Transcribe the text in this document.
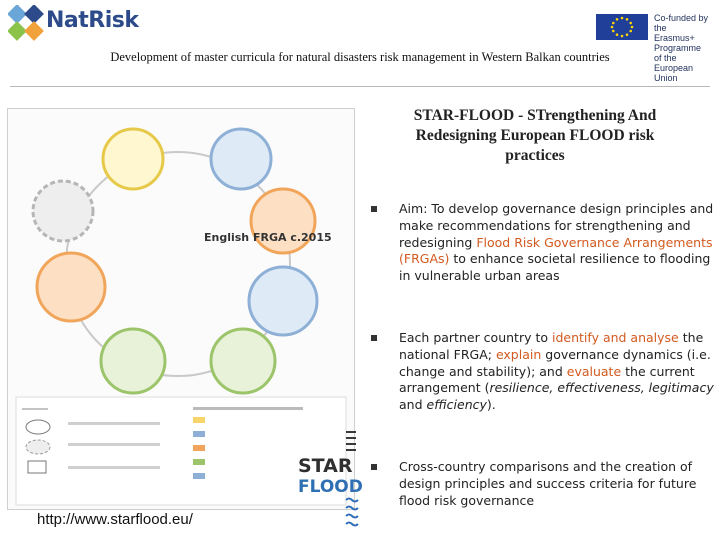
NatRisk	Co-funded by the
Erasmus+ Programme
of the European Union
Development of master curricula for natural disasters risk management in Western Balkan countries
English FRGA c.2015
http://www.starflood.eu/
STAR
FLOOD
STAR-FLOOD - STrengthening And Redesigning European FLOOD risk practices
Aim: To develop governance design principles and make recommendations for strengthening and redesigning Flood Risk Governance Arrangements (FRGAs) to enhance societal resilience to flooding in vulnerable urban areas
Each partner country to identify and analyse the national FRGA; explain governance dynamics (i.e. change and stability); and evaluate the current arrangement (resilience, effectiveness, legitimacy and efficiency).
Cross-country comparisons and the creation of design principles and success criteria for future flood risk governance
